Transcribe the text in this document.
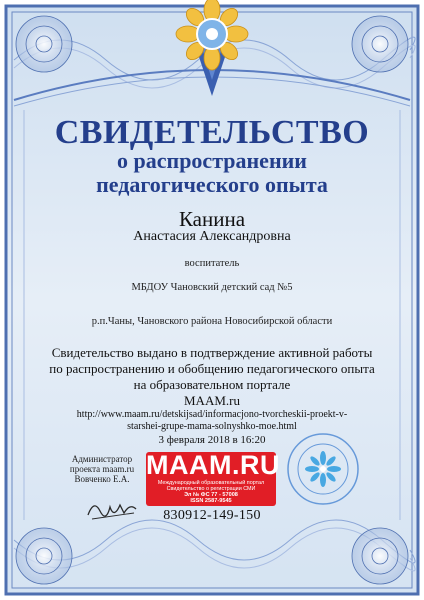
СВИДЕТЕЛЬСТВО
о распространении
педагогического опыта
Канина
Анастасия Александровна
воспитатель
МБДОУ Чановский детский сад №5
р.п.Чаны, Чановского района Новосибирской области
Свидетельство выдано в подтверждение активной работы
по распространению и обобщению педагогического опыта
на образовательном портале
MAAM.ru
http://www.maam.ru/detskijsad/informacjono-tvorcheskii-proekt-v-
starshei-grupe-mama-solnyshko-moe.html
3 февраля 2018 в 16:20
Администратор
проекта maam.ru
Вовченко Е.А. MAAM.RU
Международный образовательный портал
Свидетельство о регистрации СМИ
Эл № ФС 77 - 57008
ISSN 2587-9545
830912-149-150
